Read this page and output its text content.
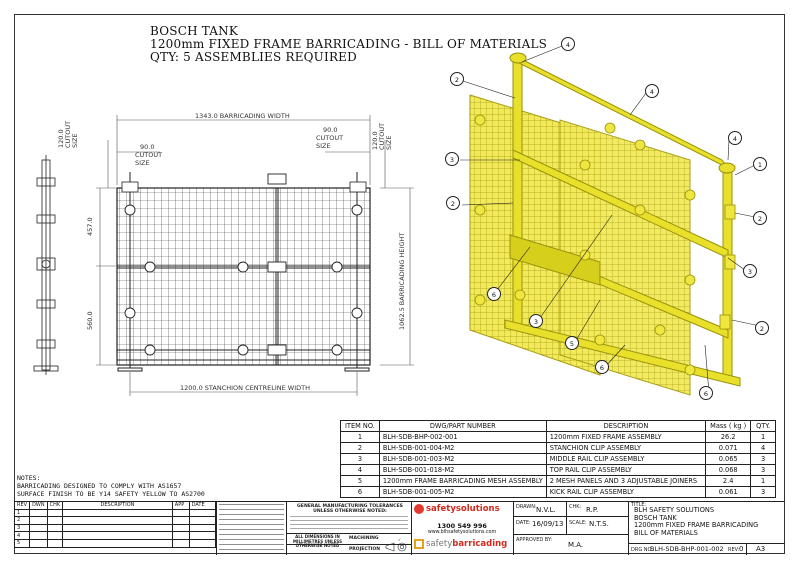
BOSCH TANK
1200mm FIXED FRAME BARRICADING - BILL OF MATERIALS
QTY: 5 ASSEMBLIES REQUIRED
1343.0 BARRICADING WIDTH
1200.0 STANCHION CENTRELINE WIDTH
90.0
CUTOUT
SIZE
90.0
CUTOUT
SIZE
120.0
CUTOUT
SIZE	120.0
CUTOUT
SIZE
457.0
560.0	1062.5 BARRICADING HEIGHT
4
4
4
2
1
3
2
2
3
2
3
6
5
6
6
ITEM NO.	DWG/PART NUMBER	DESCRIPTION	Mass ( kg )	QTY.
1	BLH-SDB-BHP-002-001	1200mm FIXED FRAME ASSEMBLY	26.2	1
2	BLH-SDB-001-004-M2	STANCHION CLIP ASSEMBLY	0.071	4
3	BLH-SDB-001-003-M2	MIDDLE RAIL CLIP ASSEMBLY	0.065	3
4	BLH-SDB-001-018-M2	TOP RAIL CLIP ASSEMBLY	0.068	3
5	1200mm FRAME BARRICADING MESH ASSEMBLY	2 MESH PANELS AND 3 ADJUSTABLE JOINERS	2.4	1
6	BLH-SDB-001-005-M2	KICK RAIL CLIP ASSEMBLY	0.061	3
NOTES:
BARRICADING DESIGNED TO COMPLY WITH AS1657
SURFACE FINISH TO BE Y14 SAFETY YELLOW TO AS2700
REV	DWN	CHK	DESCRIPTION	APP	DATE
1					
2					
3					
4					
5					
GENERAL MANUFACTURING TOLERANCES
UNLESS OTHERWISE NOTED:
ALL DIMENSIONS IN
MILLIMETRES UNLESS
OTHERWISE NOTED
MACHINING
PROJECTION
✓
safetysolutions
1300 549 996
www.blhsafetysolutions.com
safety barricading
DRAWN: N.V.L.	CHK: R.P.
DATE: 16/09/13 SCALE: N.T.S.
APPROVED BY:
M.A.
TITLE:
BLH SAFETY SOLUTIONS
BOSCH TANK
1200mm FIXED FRAME BARRICADING
BILL OF MATERIALS
DRG NO:
BLH-SDB-BHP-001-002 REV: 0 A3
